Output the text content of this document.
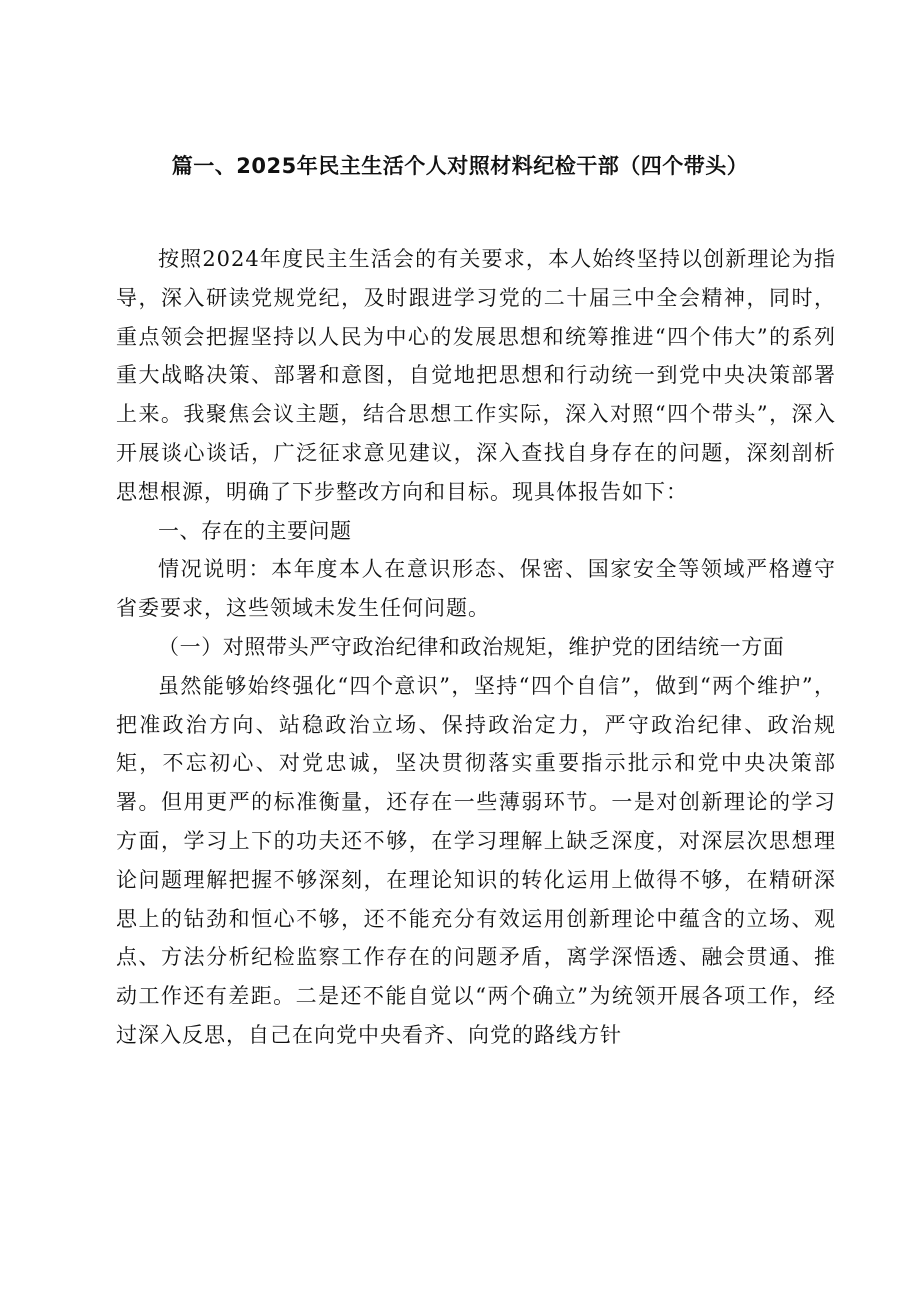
篇一、2025年民主生活个人对照材料纪检干部（四个带头）

按照2024年度民主生活会的有关要求，本人始终坚持以创新理论为指导，深入研读党规党纪，及时跟进学习党的二十届三中全会精神，同时，重点领会把握坚持以人民为中心的发展思想和统筹推进“四个伟大”的系列重大战略决策、部署和意图，自觉地把思想和行动统一到党中央决策部署上来。我聚焦会议主题，结合思想工作实际，深入对照“四个带头”，深入开展谈心谈话，广泛征求意见建议，深入查找自身存在的问题，深刻剖析思想根源，明确了下步整改方向和目标。现具体报告如下：

一、存在的主要问题

情况说明：本年度本人在意识形态、保密、国家安全等领域严格遵守省委要求，这些领域未发生任何问题。

（一）对照带头严守政治纪律和政治规矩，维护党的团结统一方面

虽然能够始终强化“四个意识”，坚持“四个自信”，做到“两个维护”，把准政治方向、站稳政治立场、保持政治定力，严守政治纪律、政治规矩，不忘初心、对党忠诚，坚决贯彻落实重要指示批示和党中央决策部署。但用更严的标准衡量，还存在一些薄弱环节。一是对创新理论的学习方面，学习上下的功夫还不够，在学习理解上缺乏深度，对深层次思想理论问题理解把握不够深刻，在理论知识的转化运用上做得不够，在精研深思上的钻劲和恒心不够，还不能充分有效运用创新理论中蕴含的立场、观点、方法分析纪检监察工作存在的问题矛盾，离学深悟透、融会贯通、推动工作还有差距。二是还不能自觉以“两个确立”为统领开展各项工作，经过深入反思，自己在向党中央看齐、向党的路线方针
